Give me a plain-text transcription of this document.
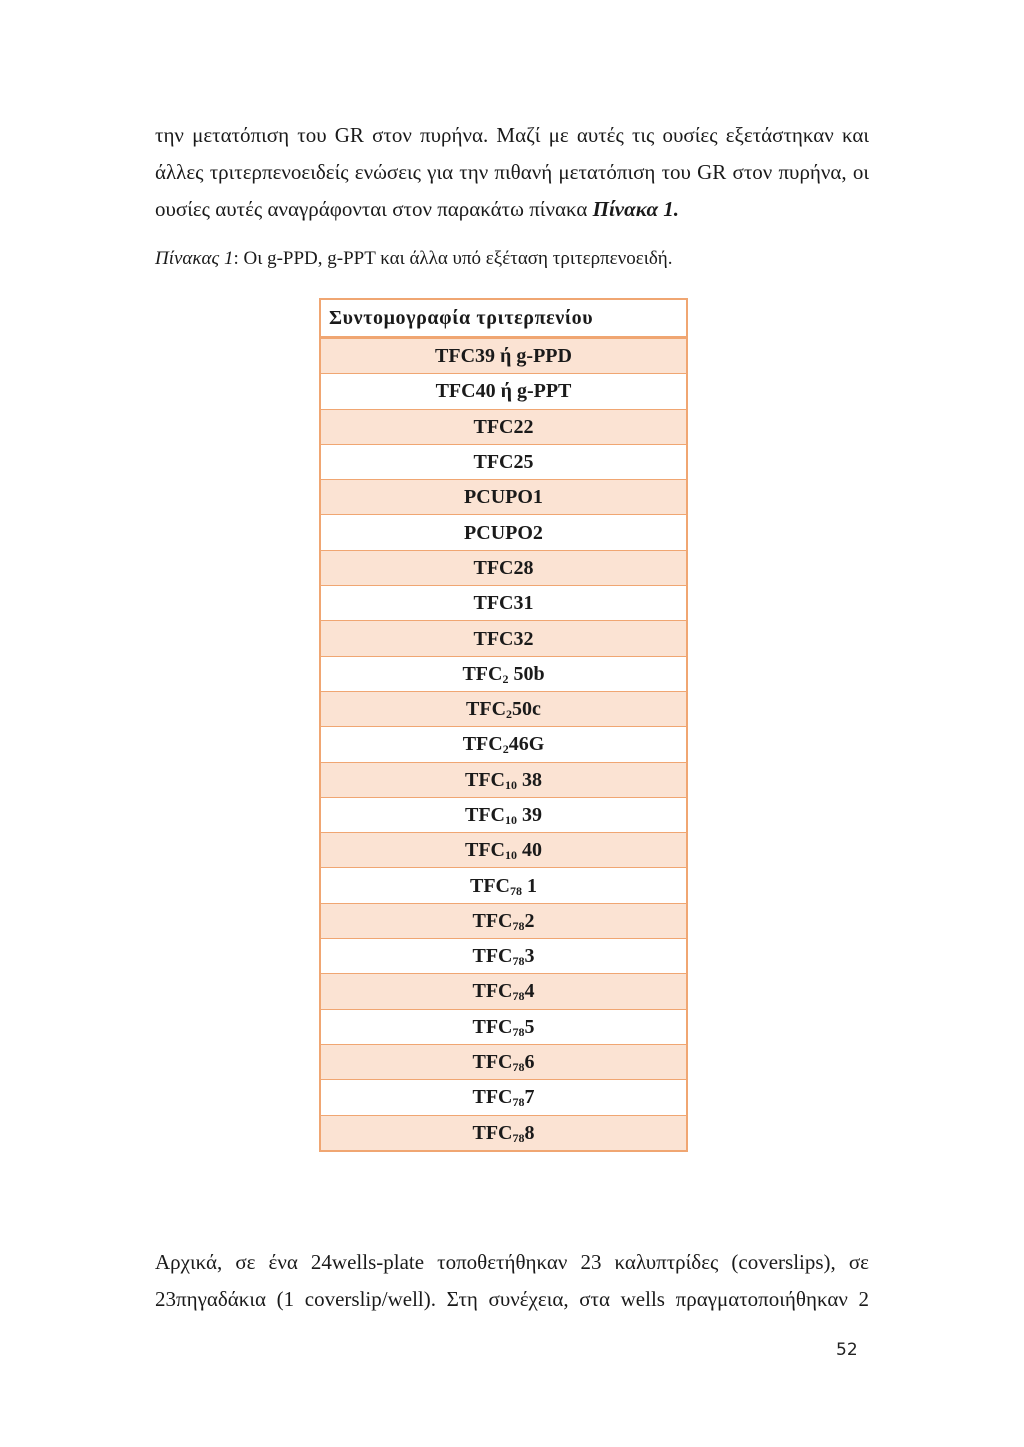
την μετατόπιση του GR στον πυρήνα. Μαζί με αυτές τις ουσίες εξετάστηκαν και
άλλες τριτερπενοειδείς ενώσεις για την πιθανή μετατόπιση του GR στον πυρήνα, οι
ουσίες αυτές αναγράφονται στον παρακάτω πίνακα Πίνακα 1.
Πίνακας 1: Οι g-PPD, g-PPT και άλλα υπό εξέταση τριτερπενοειδή.
Συντομογραφία τριτερπενίου
TFC39 ή g-PPD
TFC40 ή g-PPT
TFC22
TFC25
PCUPO1
PCUPO2
TFC28
TFC31
TFC32
$TFC_2$ 50b
$TFC_250c$
$TFC_246G$
$TFC_{10}$ 38
$TFC_{10}$ 39
$TFC_{10}$ 40
$TFC_{78}$ 1
$TFC_{78}2$
$TFC_{78}3$
$TFC_{78}4$
$TFC_{78}5$
$TFC_{78}6$
$TFC_{78}7$
$TFC_{78}8$
Αρχικά, σε ένα 24wells-plate τοποθετήθηκαν 23 καλυπτρίδες (coverslips), σε
23πηγαδάκια (1 coverslip/well). Στη συνέχεια, στα wells πραγματοποιήθηκαν 2
52
